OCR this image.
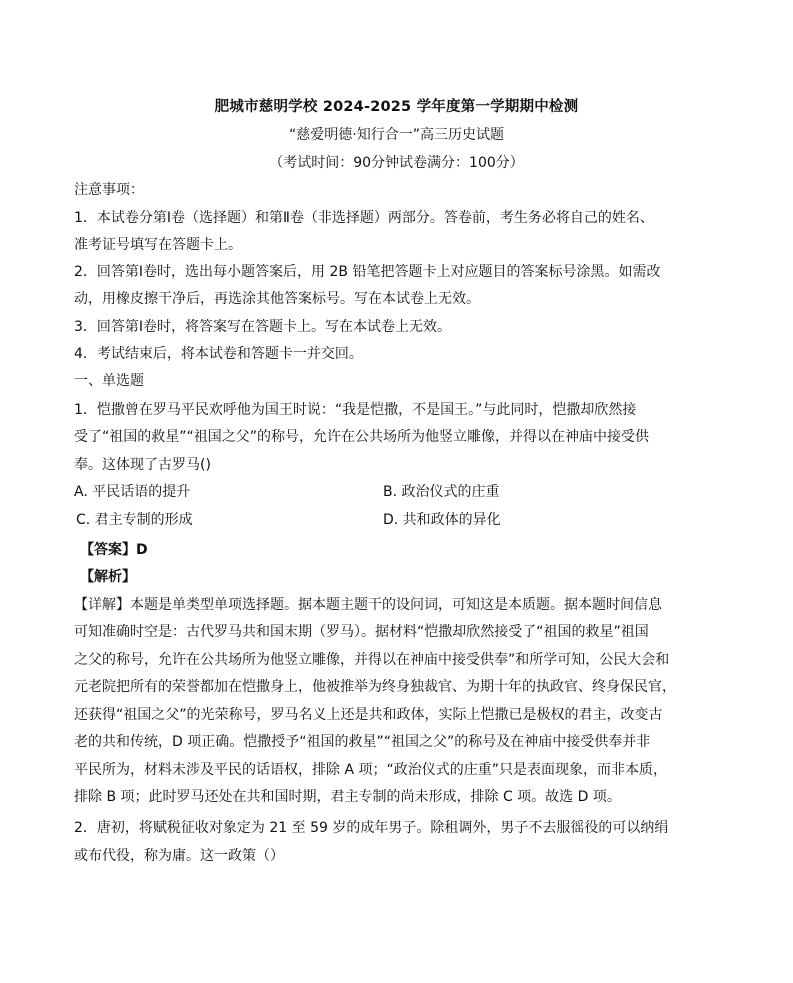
肥城市慈明学校 2024-2025 学年度第一学期期中检测
“慈爱明德·知行合一”高三历史试题
（考试时间：90分钟试卷满分：100分）
注意事项：
1．本试卷分第Ⅰ卷（选择题）和第Ⅱ卷（非选择题）两部分。答卷前，考生务必将自己的姓名、
准考证号填写在答题卡上。
2．回答第Ⅰ卷时，选出每小题答案后，用 2B 铅笔把答题卡上对应题目的答案标号涂黑。如需改
动，用橡皮擦干净后，再选涂其他答案标号。写在本试卷上无效。
3．回答第Ⅰ卷时，将答案写在答题卡上。写在本试卷上无效。
4．考试结束后，将本试卷和答题卡一并交回。
一、单选题
1．恺撒曾在罗马平民欢呼他为国王时说：“我是恺撒，不是国王。”与此同时，恺撒却欣然接
受了“祖国的救星”“祖国之父”的称号，允许在公共场所为他竖立雕像，并得以在神庙中接受供
奉。这体现了古罗马()
A. 平民话语的提升	B. 政治仪式的庄重
C. 君主专制的形成	D. 共和政体的异化
【答案】D
【解析】
【详解】本题是单类型单项选择题。据本题主题干的设问词，可知这是本质题。据本题时间信息
可知准确时空是：古代罗马共和国末期（罗马）。据材料“恺撒却欣然接受了“祖国的救星”祖国
之父的称号，允许在公共场所为他竖立雕像，并得以在神庙中接受供奉”和所学可知，公民大会和
元老院把所有的荣誉都加在恺撒身上，他被推举为终身独裁官、为期十年的执政官、终身保民官，
还获得“祖国之父”的光荣称号，罗马名义上还是共和政体，实际上恺撒已是极权的君主，改变古
老的共和传统，D 项正确。恺撒授予“祖国的救星”“祖国之父”的称号及在神庙中接受供奉并非
平民所为，材料未涉及平民的话语权，排除 A 项；“政治仪式的庄重”只是表面现象，而非本质，
排除 B 项；此时罗马还处在共和国时期，君主专制的尚未形成，排除 C 项。故选 D 项。
2．唐初，将赋税征收对象定为 21 至 59 岁的成年男子。除租调外，男子不去服徭役的可以纳绢
或布代役，称为庸。这一政策（）
